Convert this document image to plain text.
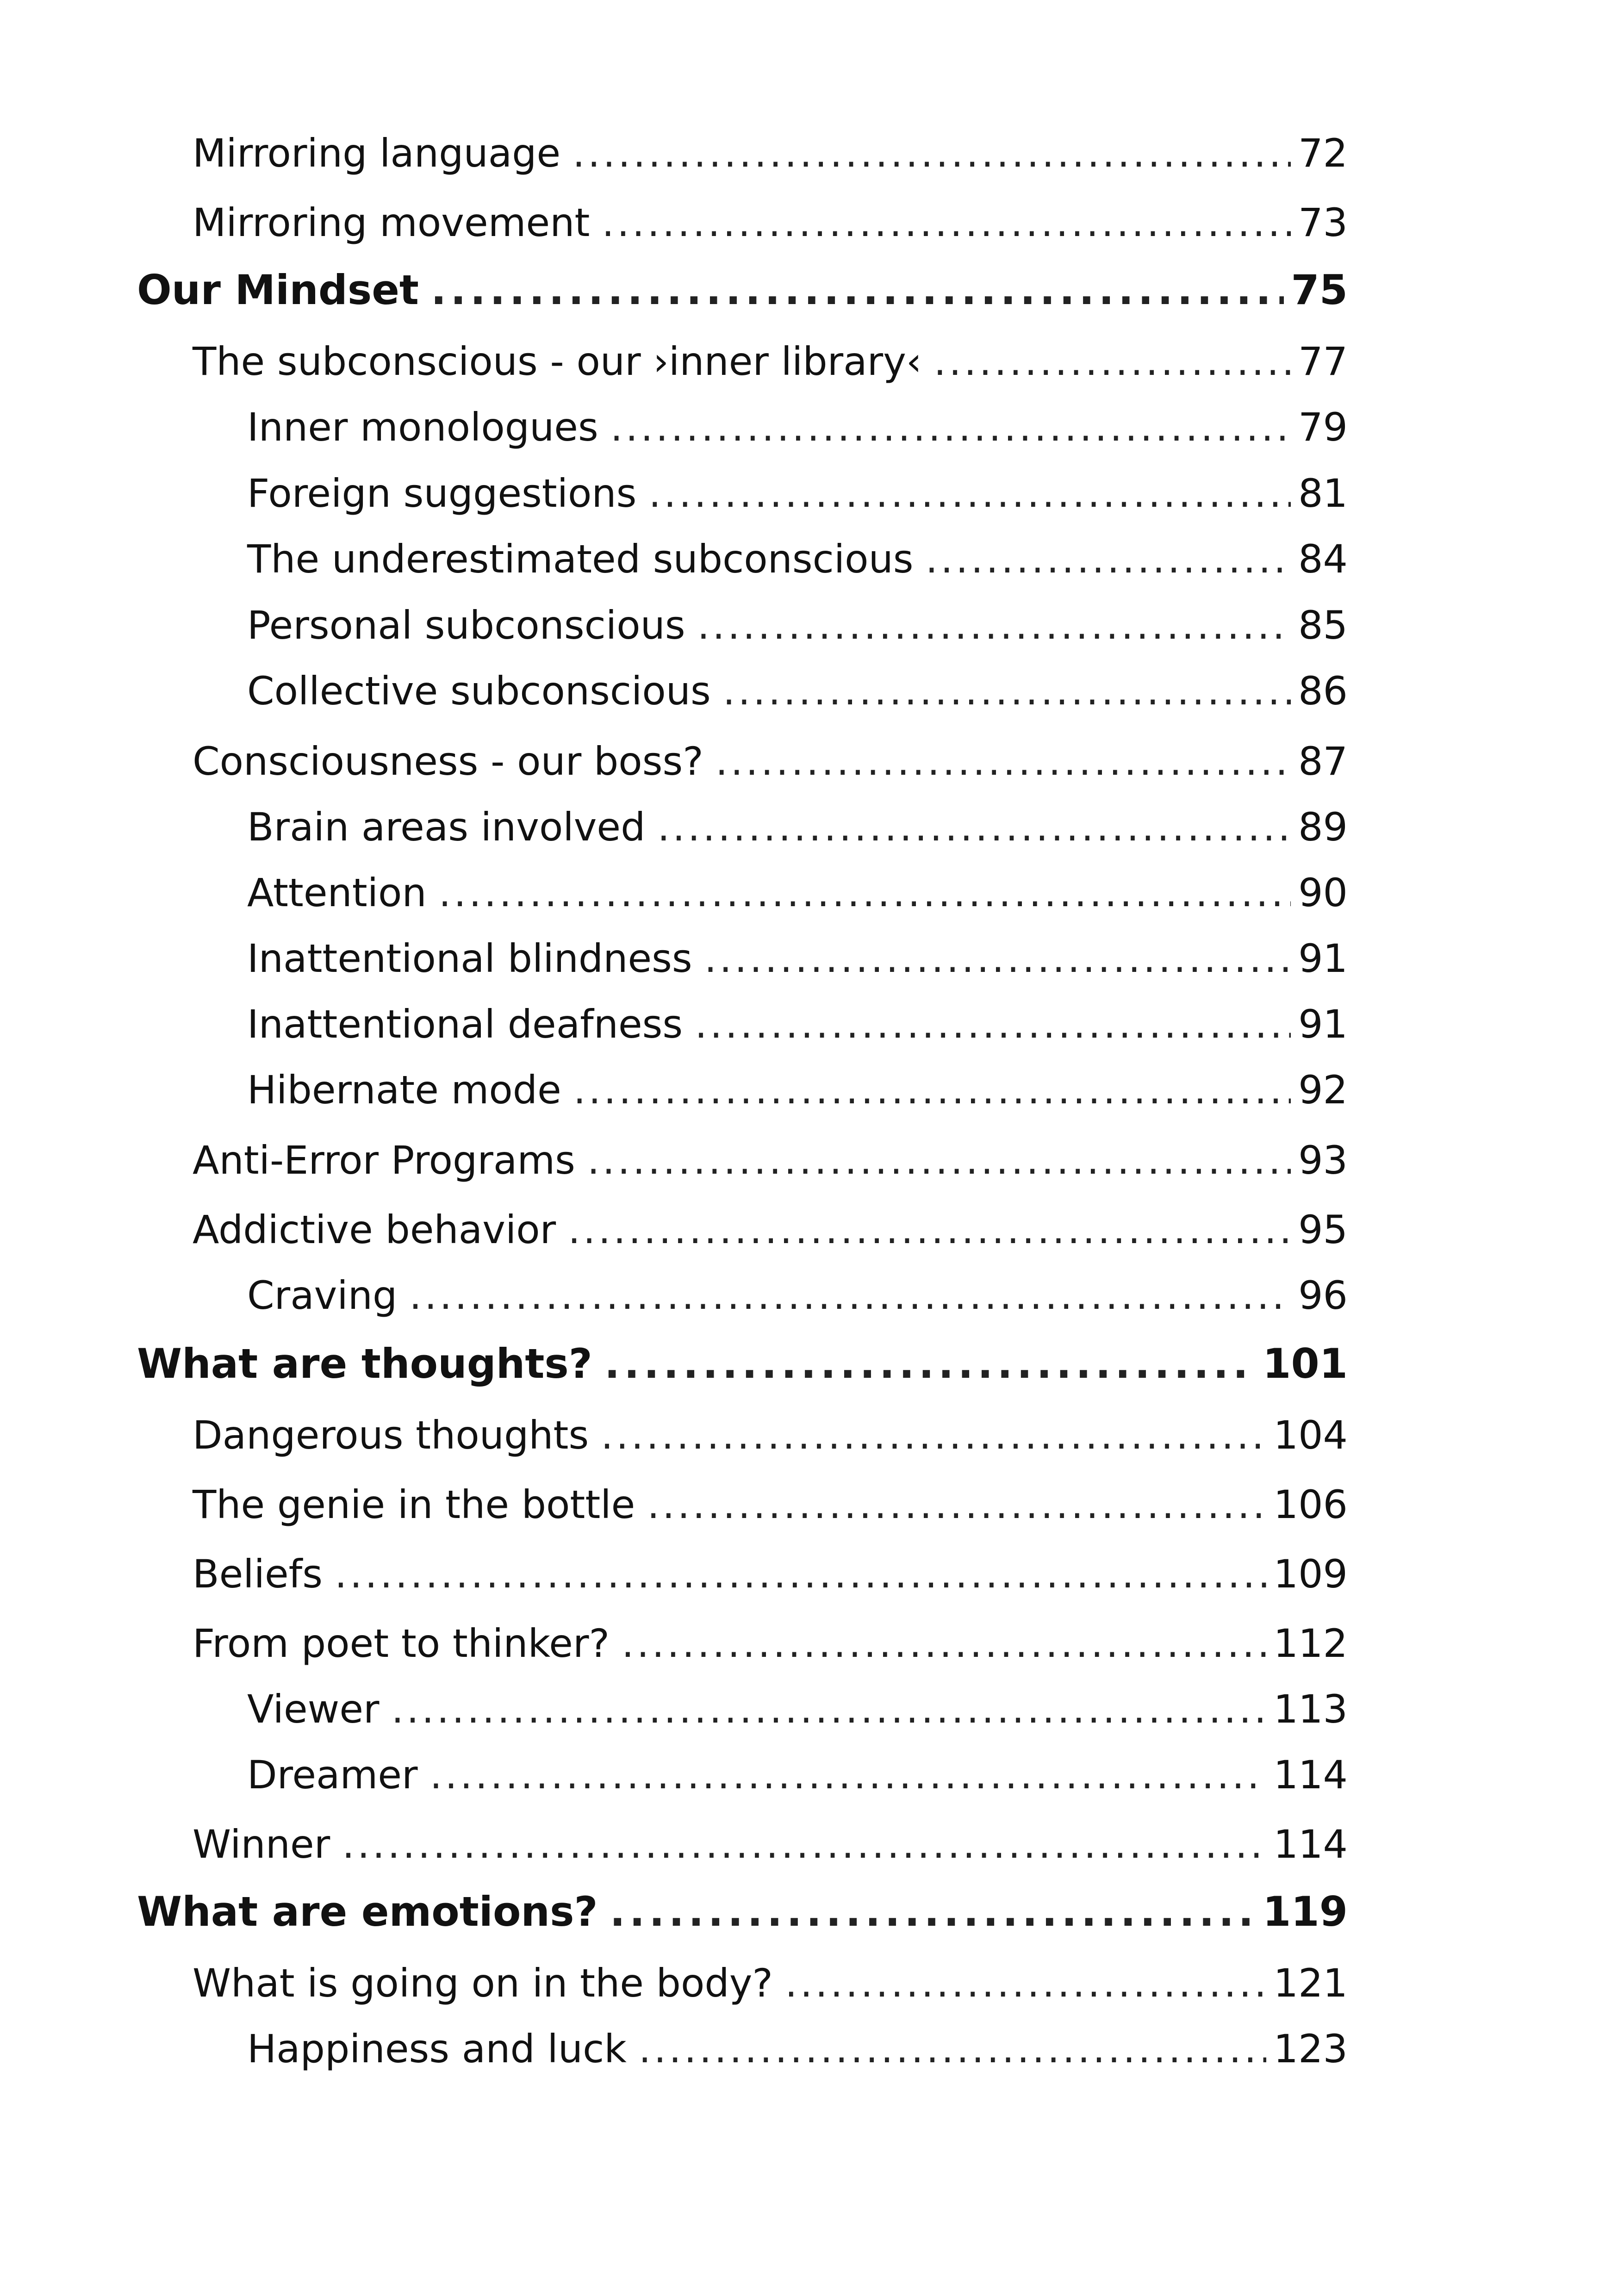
Mirroring language .....	72
Mirroring movement .....	73
Our Mindset .....	75
The subconscious - our ›inner library‹ .....	77
Inner monologues .....	79
Foreign suggestions .....	81
The underestimated subconscious .....	84
Personal subconscious .....	85
Collective subconscious .....	86
Consciousness - our boss? .....	87
Brain areas involved .....	89
Attention .....	90
Inattentional blindness .....	91
Inattentional deafness .....	91
Hibernate mode .....	92
Anti-Error Programs .....	93
Addictive behavior .....	95
Craving .....	96
What are thoughts? .....	101
Dangerous thoughts .....	104
The genie in the bottle .....	106
Beliefs .....	109
From poet to thinker? .....	112
Viewer .....	113
Dreamer .....	114
Winner .....	114
What are emotions? .....	119
What is going on in the body? .....	121
Happiness and luck .....	123
